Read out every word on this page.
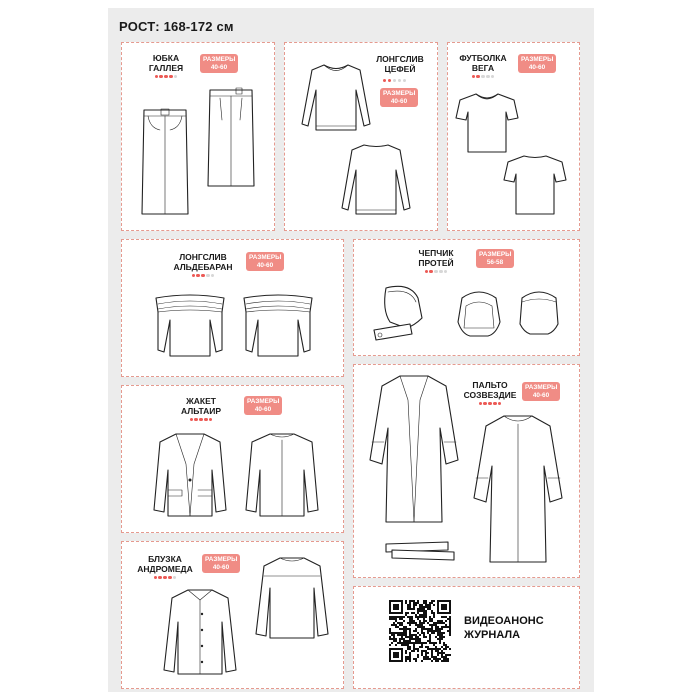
РОСТ: 168-172 см
ЮБКА
ГАЛЛЕЯ
РАЗМЕРЫ
40-60
ЛОНГСЛИВ
ЦЕФЕЙ
РАЗМЕРЫ
40-60
ФУТБОЛКА
ВЕГА
РАЗМЕРЫ
40-60
ЛОНГСЛИВ
АЛЬДЕБАРАН
РАЗМЕРЫ
40-60
ЧЕПЧИК
ПРОТЕЙ
РАЗМЕРЫ
56-58
ЖАКЕТ
АЛЬТАИР
РАЗМЕРЫ
40-60
ПАЛЬТО
СОЗВЕЗДИЕ
РАЗМЕРЫ
40-60
БЛУЗКА
АНДРОМЕДА
РАЗМЕРЫ
40-60
ВИДЕОАНОНС
ЖУРНАЛА
